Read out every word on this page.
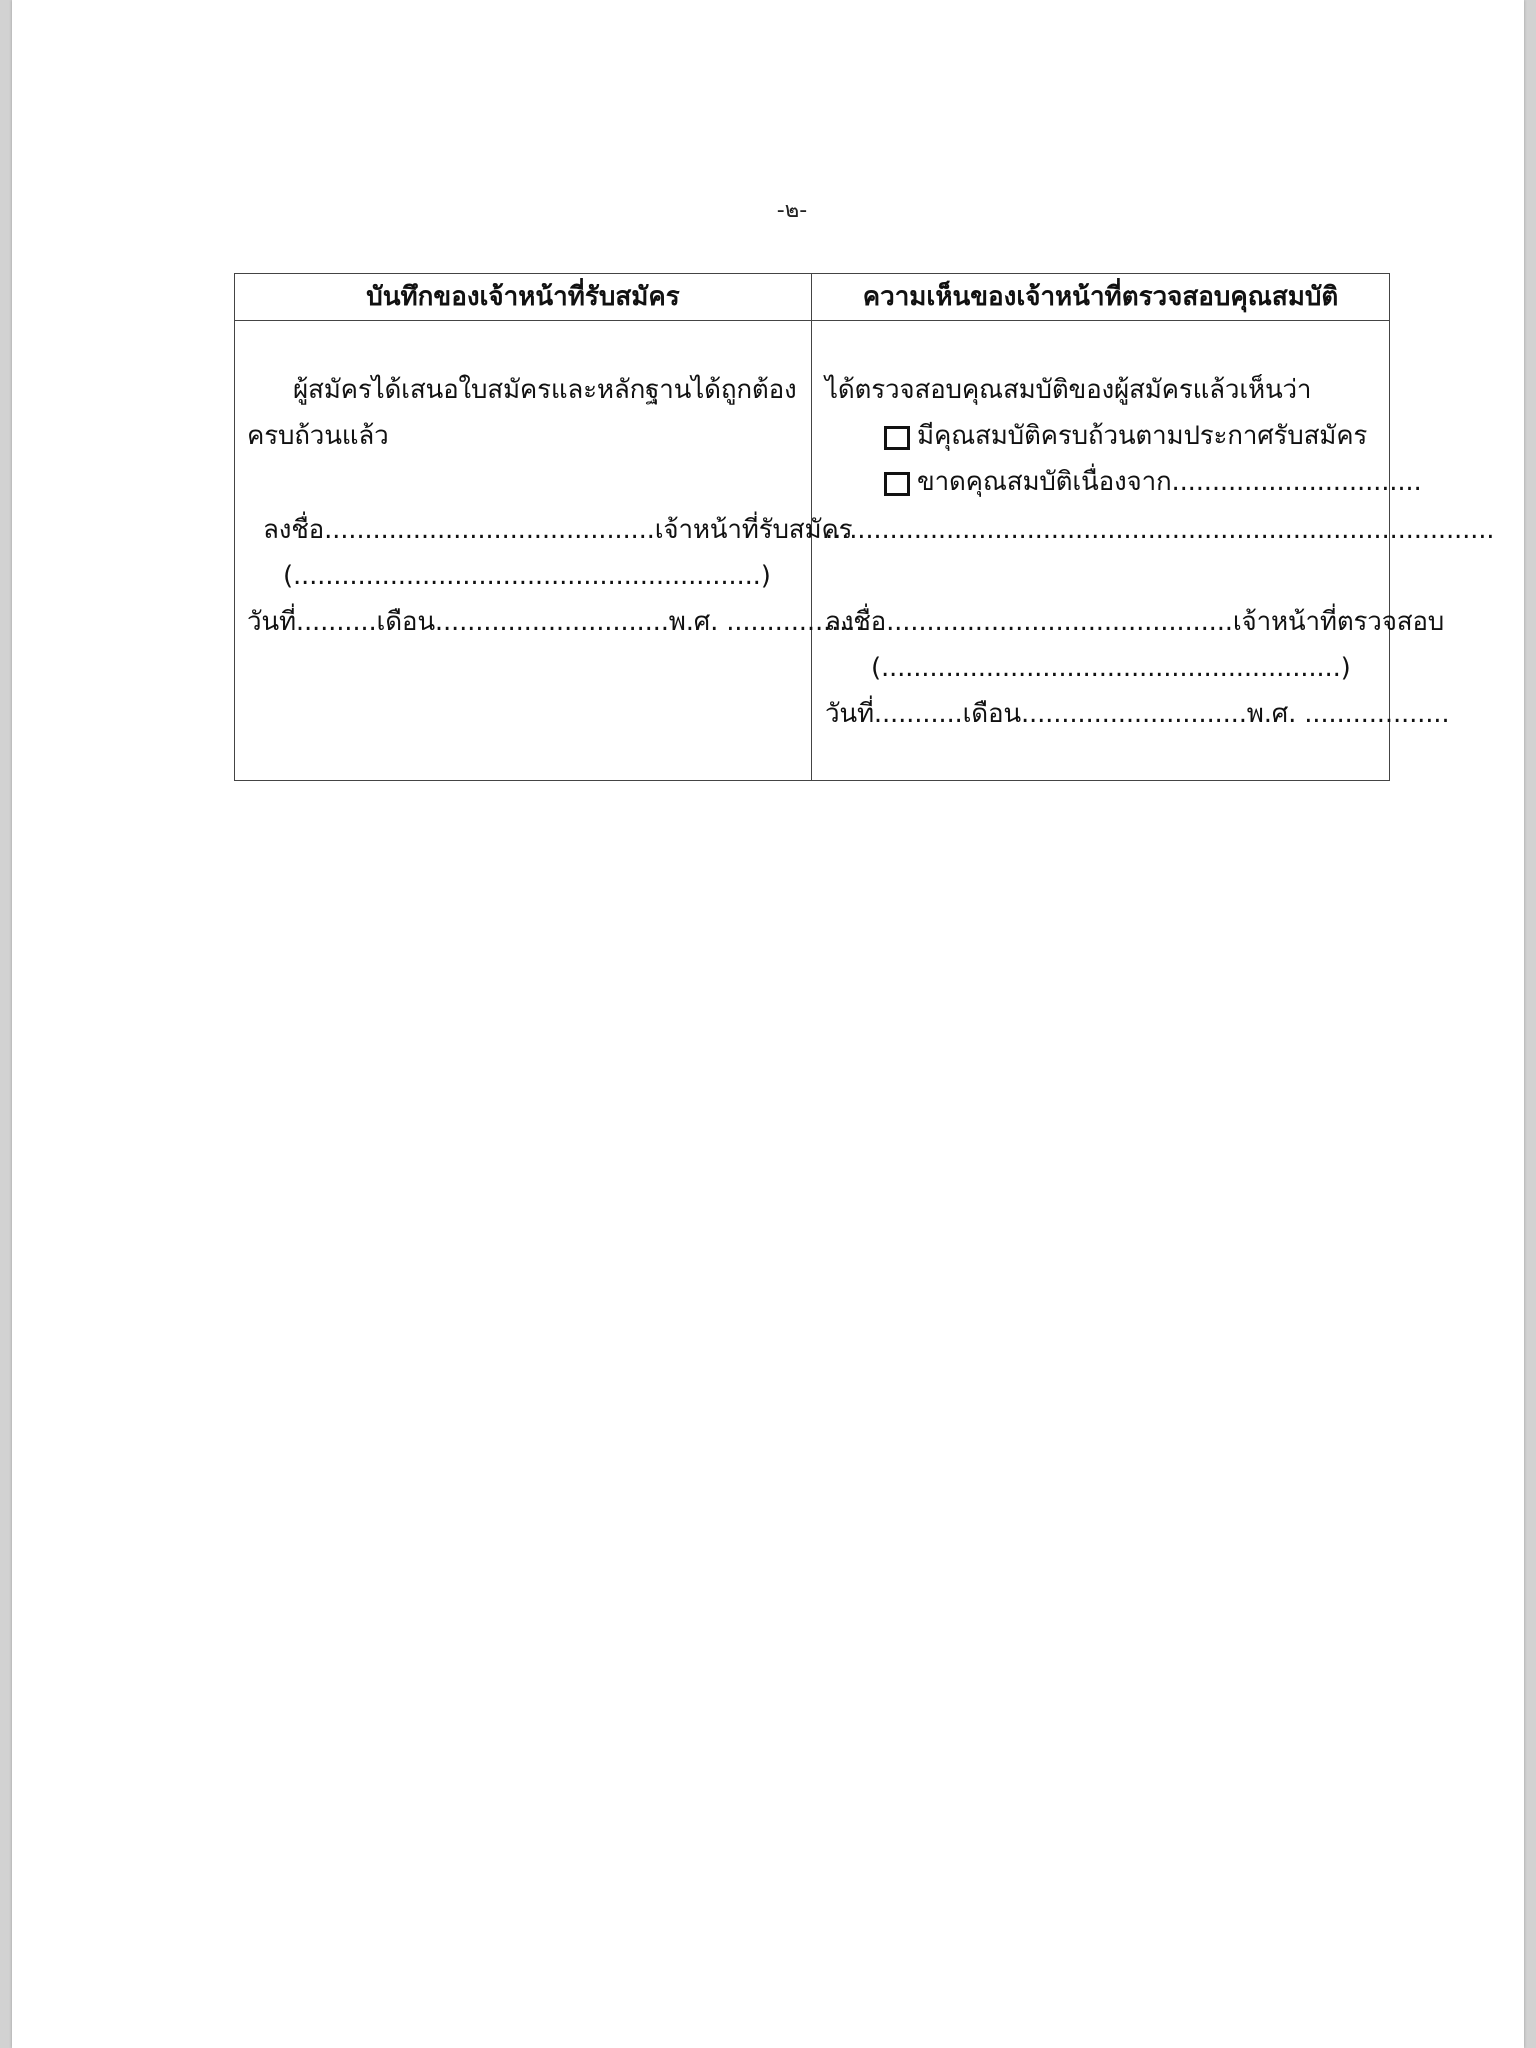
-๒-
บันทึกของเจ้าหน้าที่รับสมัคร
ผู้สมัครได้เสนอใบสมัครและหลักฐานได้ถูกต้อง
ครบถ้วนแล้ว
ลงชื่อ.........................................เจ้าหน้าที่รับสมัคร
(..........................................................)
วันที่..........เดือน.............................พ.ศ. .................
ความเห็นของเจ้าหน้าที่ตรวจสอบคุณสมบัติ
ได้ตรวจสอบคุณสมบัติของผู้สมัครแล้วเห็นว่า
มีคุณสมบัติครบถ้วนตามประกาศรับสมัคร
ขาดคุณสมบัติเนื่องจาก...............................
...................................................................................
ลงชื่อ...........................................เจ้าหน้าที่ตรวจสอบ
(.........................................................)
วันที่...........เดือน............................พ.ศ. ..................
